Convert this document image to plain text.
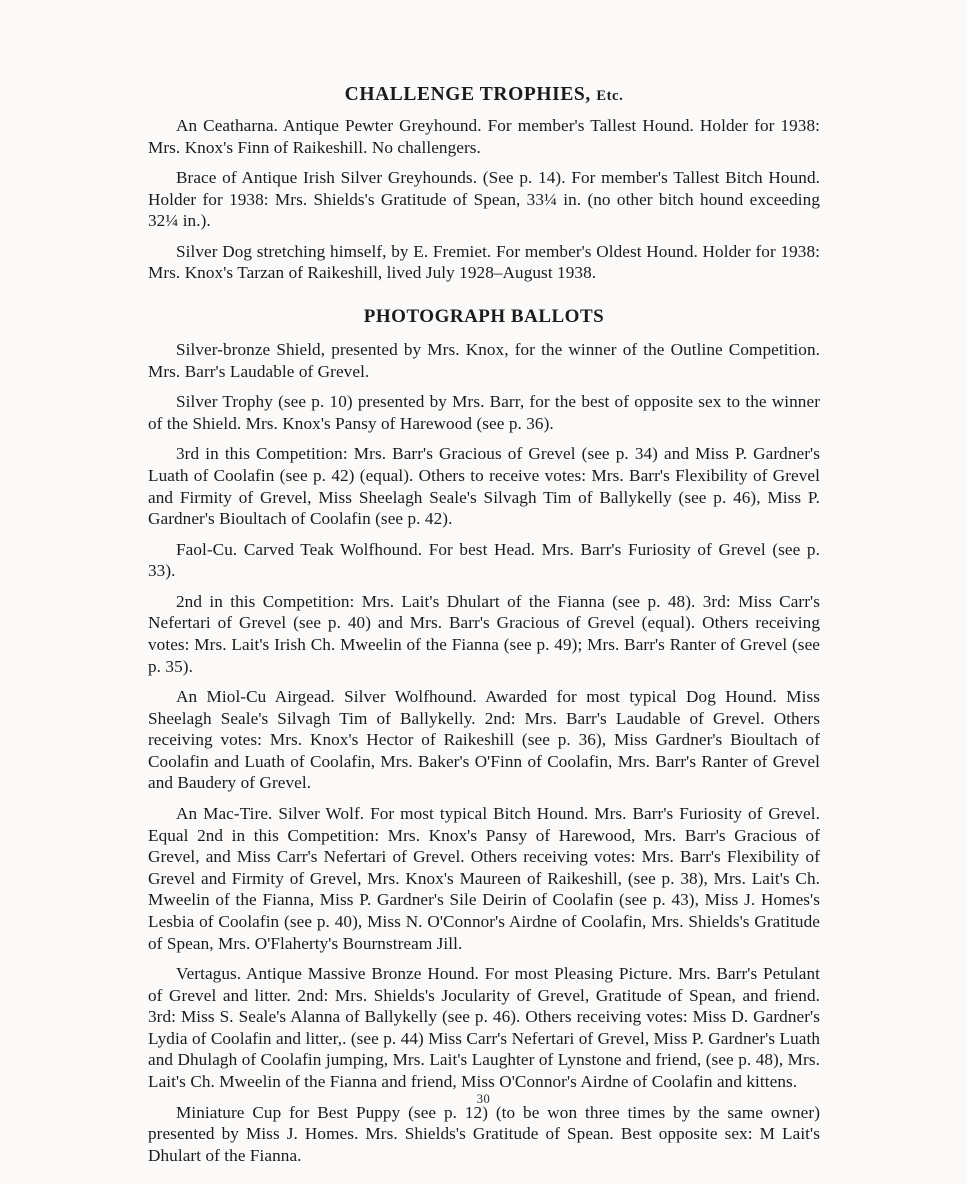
CHALLENGE TROPHIES, Etc.

An Ceatharna. Antique Pewter Greyhound. For member's Tallest Hound. Holder for 1938: Mrs. Knox's Finn of Raikeshill. No challengers.

Brace of Antique Irish Silver Greyhounds. (See p. 14). For member's Tallest Bitch Hound. Holder for 1938: Mrs. Shields's Gratitude of Spean, 33¼ in. (no other bitch hound exceeding 32¼ in.).

Silver Dog stretching himself, by E. Fremiet. For member's Oldest Hound. Holder for 1938: Mrs. Knox's Tarzan of Raikeshill, lived July 1928–August 1938.

PHOTOGRAPH BALLOTS

Silver-bronze Shield, presented by Mrs. Knox, for the winner of the Outline Competition. Mrs. Barr's Laudable of Grevel.

Silver Trophy (see p. 10) presented by Mrs. Barr, for the best of opposite sex to the winner of the Shield. Mrs. Knox's Pansy of Harewood (see p. 36).

3rd in this Competition: Mrs. Barr's Gracious of Grevel (see p. 34) and Miss P. Gardner's Luath of Coolafin (see p. 42) (equal). Others to receive votes: Mrs. Barr's Flexibility of Grevel and Firmity of Grevel, Miss Sheelagh Seale's Silvagh Tim of Ballykelly (see p. 46), Miss P. Gardner's Bioultach of Coolafin (see p. 42).

Faol-Cu. Carved Teak Wolfhound. For best Head. Mrs. Barr's Furiosity of Grevel (see p. 33).

2nd in this Competition: Mrs. Lait's Dhulart of the Fianna (see p. 48). 3rd: Miss Carr's Nefertari of Grevel (see p. 40) and Mrs. Barr's Gracious of Grevel (equal). Others receiving votes: Mrs. Lait's Irish Ch. Mweelin of the Fianna (see p. 49); Mrs. Barr's Ranter of Grevel (see p. 35).

An Miol-Cu Airgead. Silver Wolfhound. Awarded for most typical Dog Hound. Miss Sheelagh Seale's Silvagh Tim of Ballykelly. 2nd: Mrs. Barr's Laudable of Grevel. Others receiving votes: Mrs. Knox's Hector of Raikeshill (see p. 36), Miss Gardner's Bioultach of Coolafin and Luath of Coolafin, Mrs. Baker's O'Finn of Coolafin, Mrs. Barr's Ranter of Grevel and Baudery of Grevel.

An Mac-Tire. Silver Wolf. For most typical Bitch Hound. Mrs. Barr's Furiosity of Grevel. Equal 2nd in this Competition: Mrs. Knox's Pansy of Harewood, Mrs. Barr's Gracious of Grevel, and Miss Carr's Nefertari of Grevel. Others receiving votes: Mrs. Barr's Flexibility of Grevel and Firmity of Grevel, Mrs. Knox's Maureen of Raikeshill, (see p. 38), Mrs. Lait's Ch. Mweelin of the Fianna, Miss P. Gardner's Sile Deirin of Coolafin (see p. 43), Miss J. Homes's Lesbia of Coolafin (see p. 40), Miss N. O'Connor's Airdne of Coolafin, Mrs. Shields's Gratitude of Spean, Mrs. O'Flaherty's Bournstream Jill.

Vertagus. Antique Massive Bronze Hound. For most Pleasing Picture. Mrs. Barr's Petulant of Grevel and litter. 2nd: Mrs. Shields's Jocularity of Grevel, Gratitude of Spean, and friend. 3rd: Miss S. Seale's Alanna of Ballykelly (see p. 46). Others receiving votes: Miss D. Gardner's Lydia of Coolafin and litter,. (see p. 44) Miss Carr's Nefertari of Grevel, Miss P. Gardner's Luath and Dhulagh of Coolafin jumping, Mrs. Lait's Laughter of Lynstone and friend, (see p. 48), Mrs. Lait's Ch. Mweelin of the Fianna and friend, Miss O'Connor's Airdne of Coolafin and kittens.

Miniature Cup for Best Puppy (see p. 12) (to be won three times by the same owner) presented by Miss J. Homes. Mrs. Shields's Gratitude of Spean. Best opposite sex: M Lait's Dhulart of the Fianna.

30
